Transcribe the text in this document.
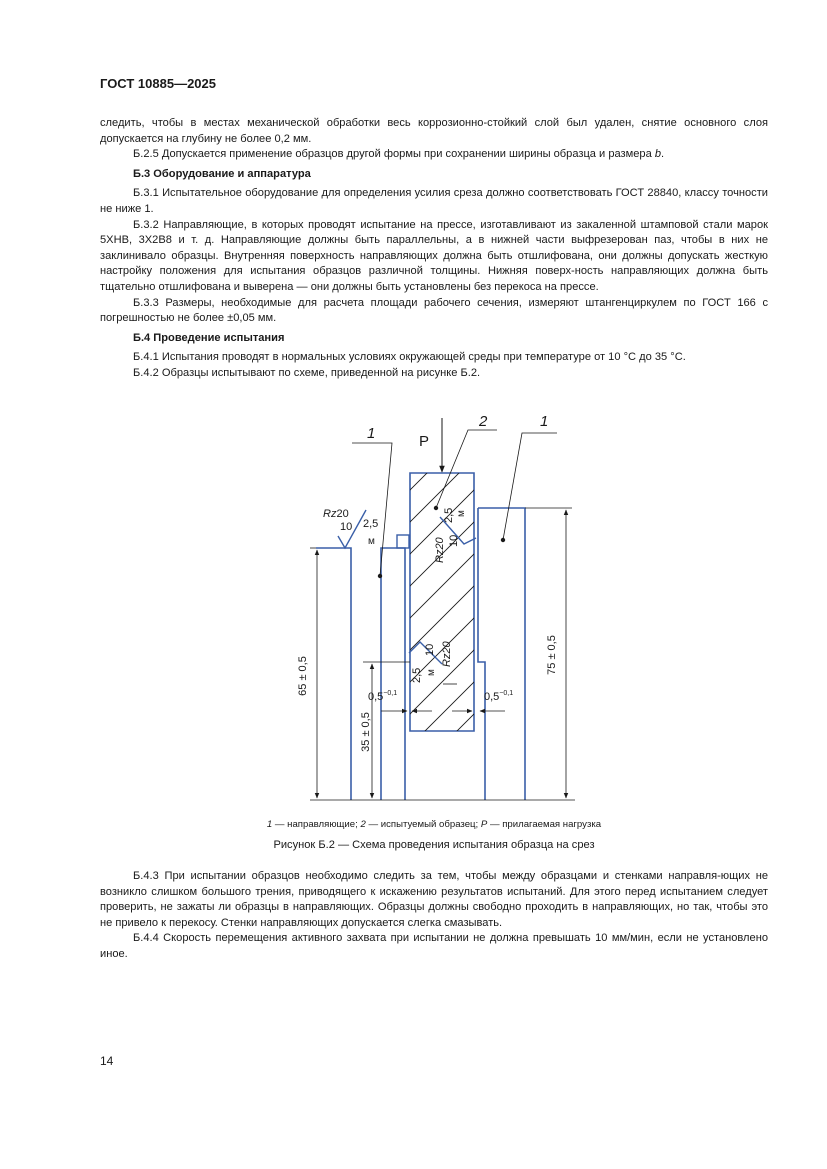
ГОСТ 10885—2025

следить, чтобы в местах механической обработки весь коррозионно-стойкий слой был удален, снятие основного слоя допускается на глубину не более 0,2 мм.

Б.2.5 Допускается применение образцов другой формы при сохранении ширины образца и размера b.

Б.3 Оборудование и аппаратура

Б.3.1 Испытательное оборудование для определения усилия среза должно соответствовать ГОСТ 28840, классу точности не ниже 1.

Б.3.2 Направляющие, в которых проводят испытание на прессе, изготавливают из закаленной штамповой стали марок 5ХНВ, 3Х2В8 и т. д. Направляющие должны быть параллельны, а в нижней части выфрезерован паз, чтобы в них не заклинивало образцы. Внутренняя поверхность направляющих должна быть отшлифована, они должны допускать жесткую настройку положения для испытания образцов различной толщины. Нижняя поверх-ность направляющих должна быть тщательно отшлифована и выверена — они должны быть установлены без перекоса на прессе.

Б.3.3 Размеры, необходимые для расчета площади рабочего сечения, измеряют штангенциркулем по ГОСТ 166 с погрешностью не более ±0,05 мм.

Б.4 Проведение испытания

Б.4.1 Испытания проводят в нормальных условиях окружающей среды при температуре от 10 °С до 35 °С.

Б.4.2 Образцы испытывают по схеме, приведенной на рисунке Б.2.

65 ± 0,5
35 ± 0,5
75 ± 0,5
$0,5^{-0,1}$	$0,5^{-0,1}$
P
1
2	1
Rz20
10 2,5
м	Rz20 10
2,5 м
10 Rz20
2,5 м
1 — направляющие; 2 — испытуемый образец; P — прилагаемая нагрузка
Рисунок Б.2 — Схема проведения испытания образца на срез

Б.4.3 При испытании образцов необходимо следить за тем, чтобы между образцами и стенками направля-ющих не возникло слишком большого трения, приводящего к искажению результатов испытаний. Для этого перед испытанием следует проверить, не зажаты ли образцы в направляющих. Образцы должны свободно проходить в направляющих, но так, чтобы это не привело к перекосу. Стенки направляющих допускается слегка смазывать.

Б.4.4 Скорость перемещения активного захвата при испытании не должна превышать 10 мм/мин, если не установлено иное.

14
